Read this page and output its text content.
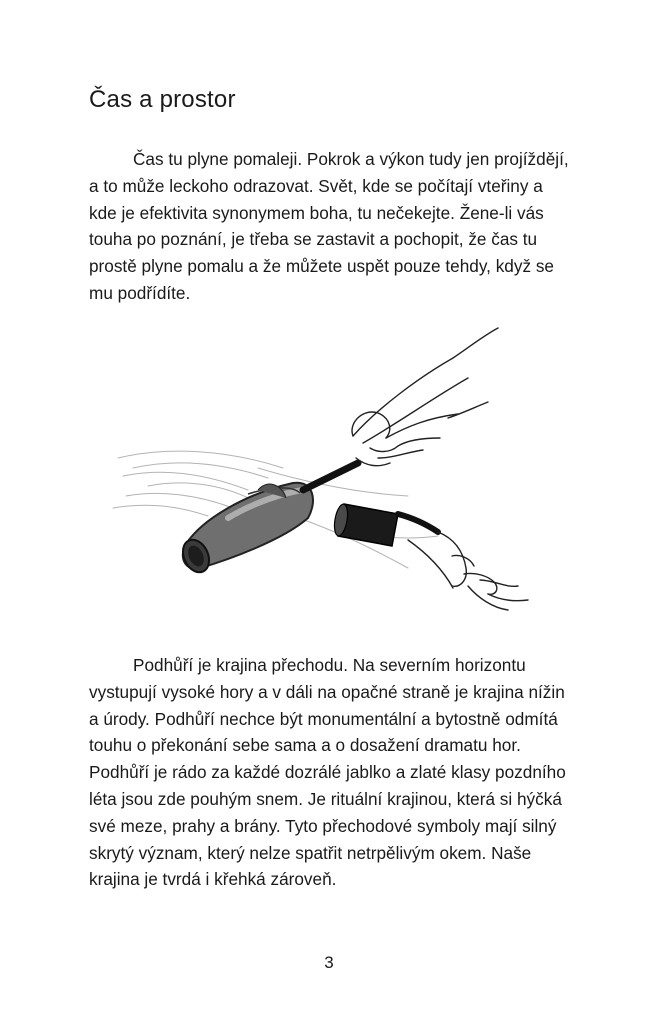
Čas a prostor

Čas tu plyne pomaleji. Pokrok a výkon tudy jen projíždějí, a to může leckoho odrazovat. Svět, kde se počítají vteřiny a kde je efektivita synonymem boha, tu nečekejte. Žene-li vás touha po poznání, je třeba se zastavit a pochopit, že čas tu prostě plyne pomalu a že můžete uspět pouze tehdy, když se mu podřídíte.

Podhůří je krajina přechodu. Na severním horizontu vystupují vysoké hory a v dáli na opačné straně je krajina nížin a úrody. Podhůří nechce být monumentální a bytostně odmítá touhu o překonání sebe sama a o dosažení dramatu hor. Podhůří je rádo za každé dozrálé jablko a zlaté klasy pozdního léta jsou zde pouhým snem. Je rituální krajinou, která si hýčká své meze, prahy a brány. Tyto přechodové symboly mají silný skrytý význam, který nelze spatřit netrpělivým okem. Naše krajina je tvrdá i křehká zároveň.

3
